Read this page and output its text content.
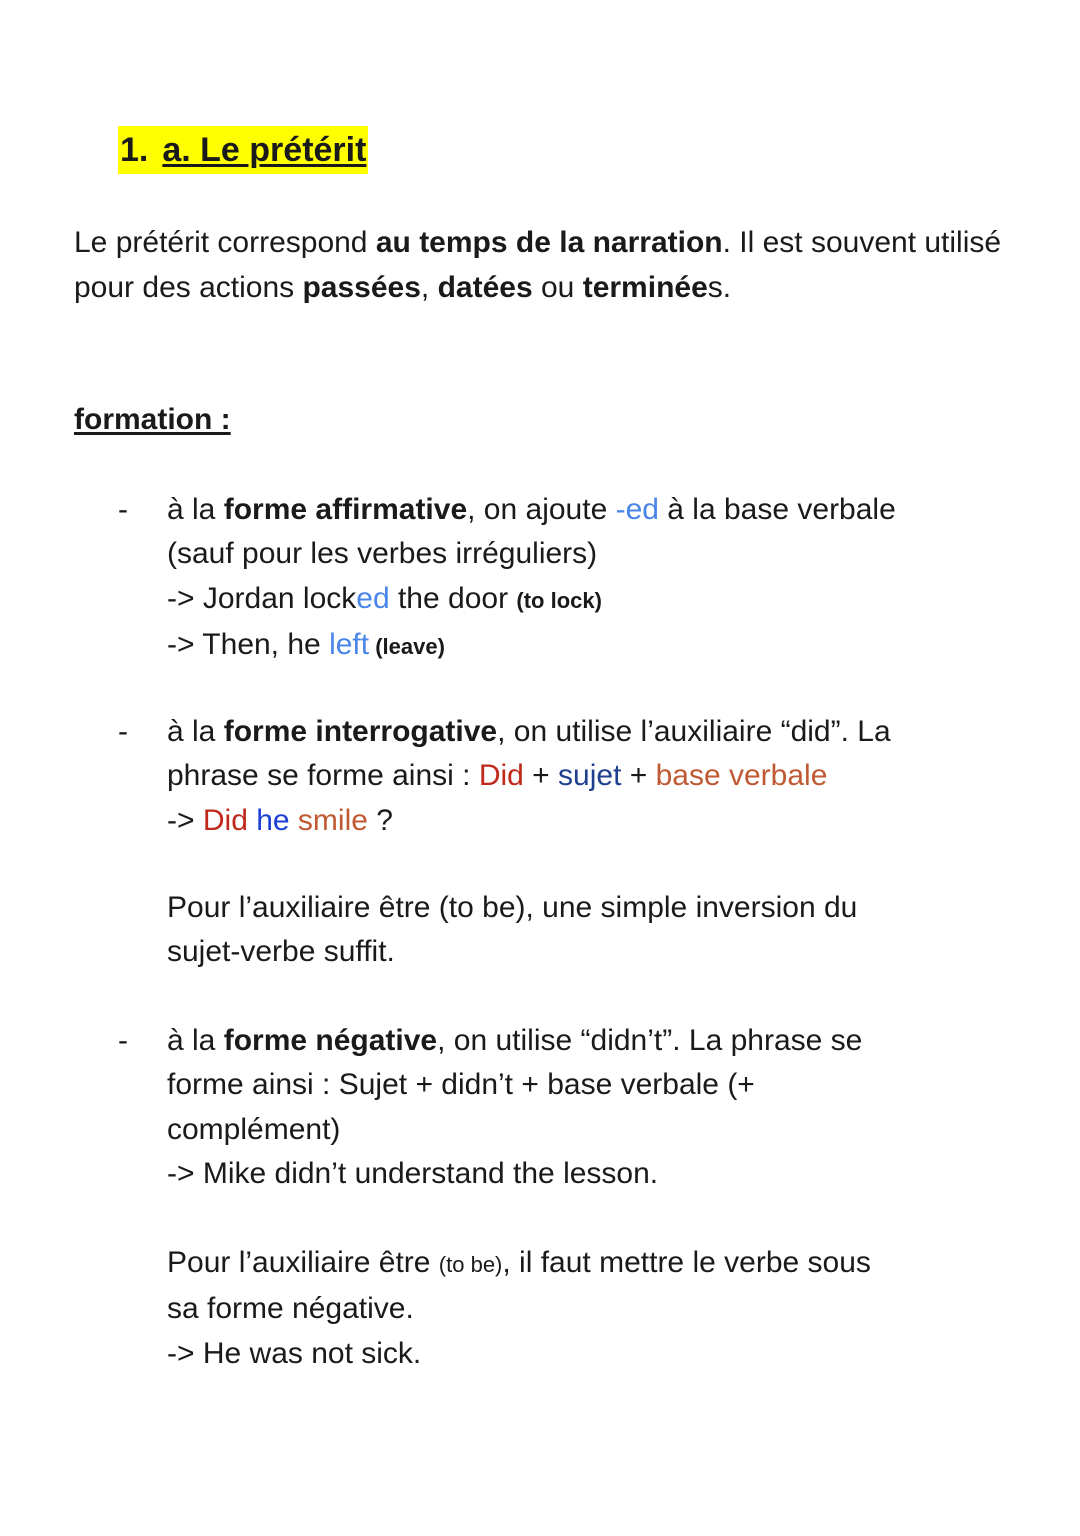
1. a. Le prétérit

Le prétérit correspond au temps de la narration. Il est souvent utilisé pour des actions passées, datées ou terminées.

formation :

- à la forme affirmative, on ajoute -ed à la base verbale
(sauf pour les verbes irréguliers)
-> Jordan locked the door (to lock)
-> Then, he left (leave)
- à la forme interrogative, on utilise l’auxiliaire “did”. La
phrase se forme ainsi : Did + sujet + base verbale
-> Did he smile ?
Pour l’auxiliaire être (to be), une simple inversion du
sujet-verbe suffit.
- à la forme négative, on utilise “didn’t”. La phrase se
forme ainsi : Sujet + didn’t + base verbale (+
complément)
-> Mike didn’t understand the lesson.
Pour l’auxiliaire être (to be), il faut mettre le verbe sous
sa forme négative.
-> He was not sick.
